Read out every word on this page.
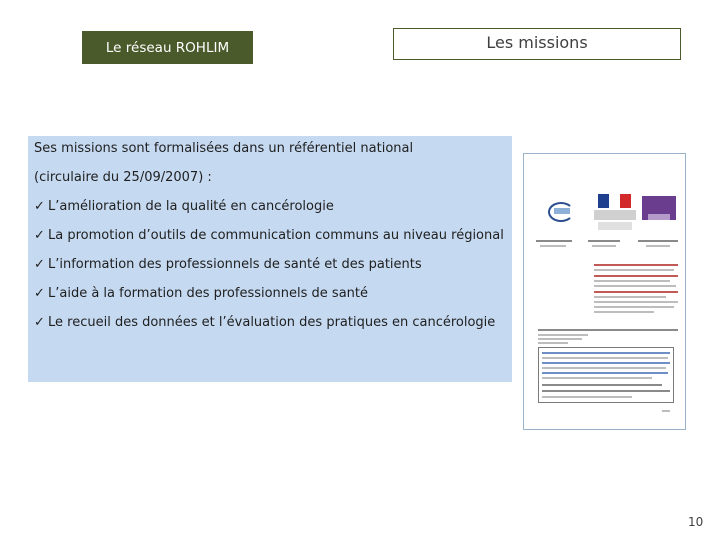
Le réseau ROHLIM	Les missions

Ses missions sont formalisées dans un référentiel national

(circulaire du 25/09/2007) :

✓ L’amélioration de la qualité en cancérologie

✓ La promotion d’outils de communication communs au niveau régional

✓ L’information des professionnels de santé et des patients

✓ L’aide à la formation des professionnels de santé

✓ Le recueil des données et l’évaluation des pratiques en cancérologie

10
